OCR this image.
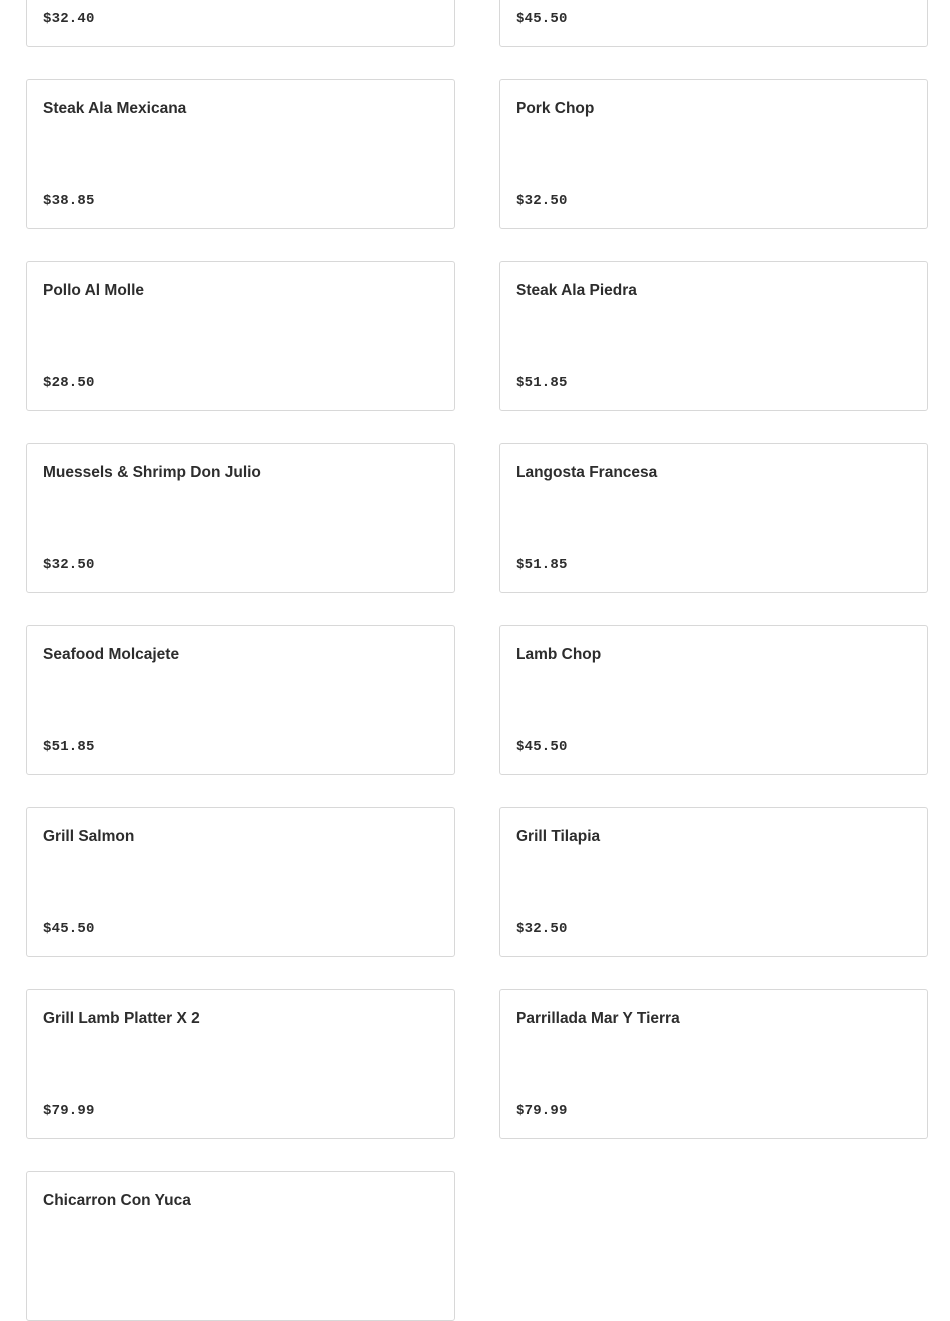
$32.40	$45.50
Steak Ala Mexicana
$38.85
Pork Chop
$32.50
Pollo Al Molle
$28.50
Steak Ala Piedra
$51.85
Muessels & Shrimp Don Julio
$32.50
Langosta Francesa
$51.85
Seafood Molcajete
$51.85
Lamb Chop
$45.50
Grill Salmon
$45.50
Grill Tilapia
$32.50
Grill Lamb Platter X 2
$79.99
Parrillada Mar Y Tierra
$79.99
Chicarron Con Yuca
